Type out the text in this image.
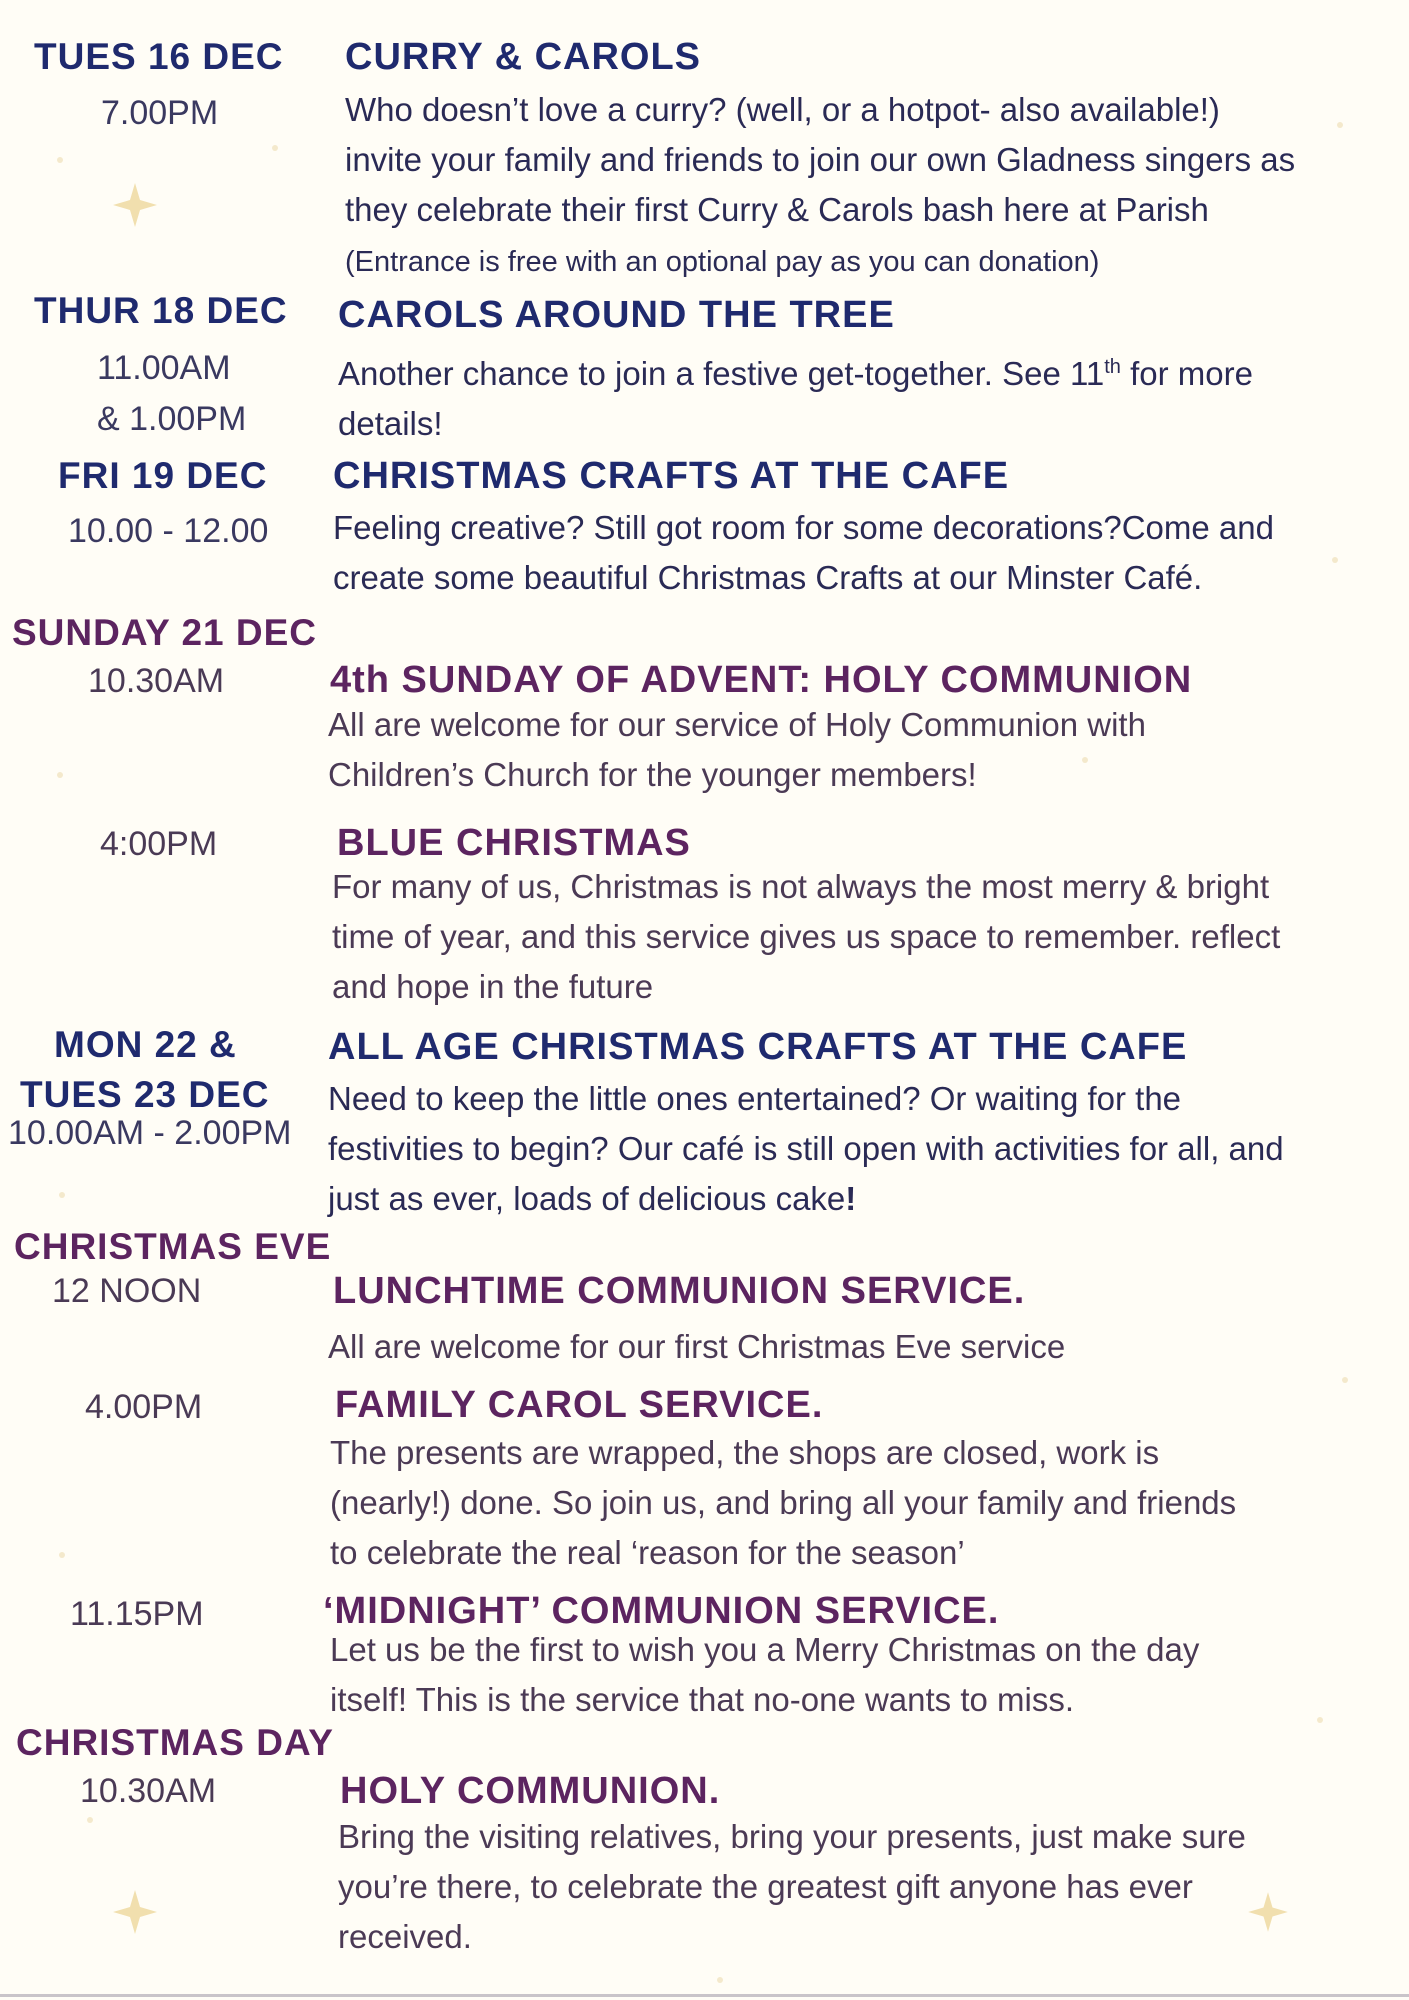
TUES 16 DEC
7.00PM
CURRY & CAROLS
Who doesn’t love a curry? (well, or a hotpot- also available!)
invite your family and friends to join our own Gladness singers as
they celebrate their first Curry & Carols bash here at Parish
(Entrance is free with an optional pay as you can donation)
THUR 18 DEC
11.00AM
& 1.00PM
CAROLS AROUND THE TREE
Another chance to join a festive get-together. See 11th for more
details!
FRI 19 DEC
10.00 - 12.00
CHRISTMAS CRAFTS AT THE CAFE
Feeling creative? Still got room for some decorations?Come and
create some beautiful Christmas Crafts at our Minster Café.
SUNDAY 21 DEC
10.30AM	4th SUNDAY OF ADVENT: HOLY COMMUNION
All are welcome for our service of Holy Communion with
Children’s Church for the younger members!
4:00PM	BLUE CHRISTMAS
For many of us, Christmas is not always the most merry & bright
time of year, and this service gives us space to remember. reflect
and hope in the future
MON 22 &
TUES 23 DEC
10.00AM - 2.00PM
ALL AGE CHRISTMAS CRAFTS AT THE CAFE
Need to keep the little ones entertained? Or waiting for the
festivities to begin? Our café is still open with activities for all, and
just as ever, loads of delicious cake!
CHRISTMAS EVE
12 NOON	LUNCHTIME COMMUNION SERVICE.
All are welcome for our first Christmas Eve service
4.00PM	FAMILY CAROL SERVICE.
The presents are wrapped, the shops are closed, work is
(nearly!) done. So join us, and bring all your family and friends
to celebrate the real ‘reason for the season’
11.15PM	‘MIDNIGHT’ COMMUNION SERVICE.
Let us be the first to wish you a Merry Christmas on the day
itself! This is the service that no-one wants to miss.
CHRISTMAS DAY
10.30AM	HOLY COMMUNION.
Bring the visiting relatives, bring your presents, just make sure
you’re there, to celebrate the greatest gift anyone has ever
received.
